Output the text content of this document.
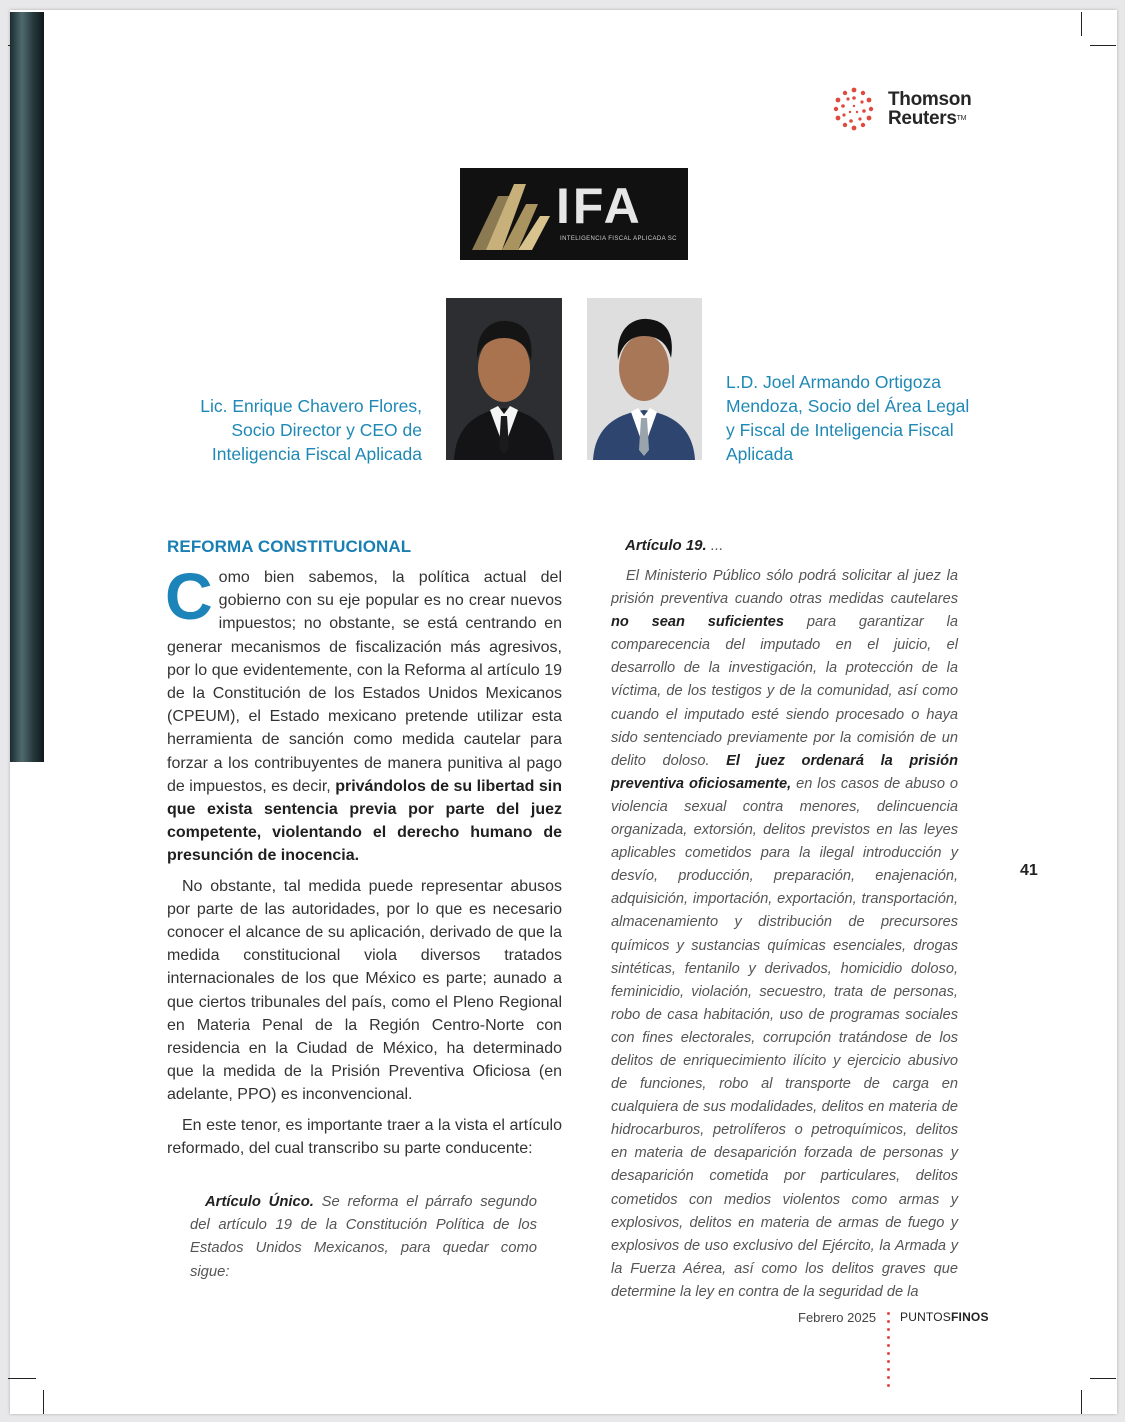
Thomson
Reuters™
IFA
INTELIGENCIA FISCAL APLICADA SC
Lic. Enrique Chavero Flores, Socio Director y CEO de Inteligencia Fiscal Aplicada
L.D. Joel Armando Ortigoza Mendoza, Socio del Área Legal y Fiscal de Inteligencia Fiscal Aplicada
REFORMA CONSTITUCIONAL

Como bien sabemos, la política actual del gobierno con su eje popular es no crear nuevos impuestos; no obstante, se está centrando en generar mecanismos de fiscalización más agresivos, por lo que evidentemente, con la Reforma al artículo 19 de la Constitución de los Estados Unidos Mexicanos (CPEUM), el Estado mexicano pretende utilizar esta herramienta de sanción como medida cautelar para forzar a los contribuyentes de manera punitiva al pago de impuestos, es decir, privándolos de su libertad sin que exista sentencia previa por parte del juez competente, violentando el derecho humano de presunción de inocencia.

No obstante, tal medida puede representar abusos por parte de las autoridades, por lo que es necesario conocer el alcance de su aplicación, derivado de que la medida constitucional viola diversos tratados internacionales de los que México es parte; aunado a que ciertos tribunales del país, como el Pleno Regional en Materia Penal de la Región Centro-Norte con residencia en la Ciudad de México, ha determinado que la medida de la Prisión Preventiva Oficiosa (en adelante, PPO) es inconvencional.

En este tenor, es importante traer a la vista el artículo reformado, del cual transcribo su parte conducente:

Artículo Único. Se reforma el párrafo segundo del artículo 19 de la Constitución Política de los Estados Unidos Mexicanos, para quedar como sigue:
Artículo 19. ...
El Ministerio Público sólo podrá solicitar al juez la prisión preventiva cuando otras medidas cautelares no sean suficientes para garantizar la comparecencia del imputado en el juicio, el desarrollo de la investigación, la protección de la víctima, de los testigos y de la comunidad, así como cuando el imputado esté siendo procesado o haya sido sentenciado previamente por la comisión de un delito doloso. El juez ordenará la prisión preventiva oficiosamente, en los casos de abuso o violencia sexual contra menores, delincuencia organizada, extorsión, delitos previstos en las leyes aplicables cometidos para la ilegal introducción y desvío, producción, preparación, enajenación, adquisición, importación, exportación, transportación, almacenamiento y distribución de precursores químicos y sustancias químicas esenciales, drogas sintéticas, fentanilo y derivados, homicidio doloso, feminicidio, violación, secuestro, trata de personas, robo de casa habitación, uso de programas sociales con fines electorales, corrupción tratándose de los delitos de enriquecimiento ilícito y ejercicio abusivo de funciones, robo al transporte de carga en cualquiera de sus modalidades, delitos en materia de hidrocarburos, petrolíferos o petroquímicos, delitos en materia de desaparición forzada de personas y desaparición cometida por particulares, delitos cometidos con medios violentos como armas y explosivos, delitos en materia de armas de fuego y explosivos de uso exclusivo del Ejército, la Armada y la Fuerza Aérea, así como los delitos graves que determine la ley en contra de la seguridad de la
41
Febrero 2025 PUNTOSFINOS
